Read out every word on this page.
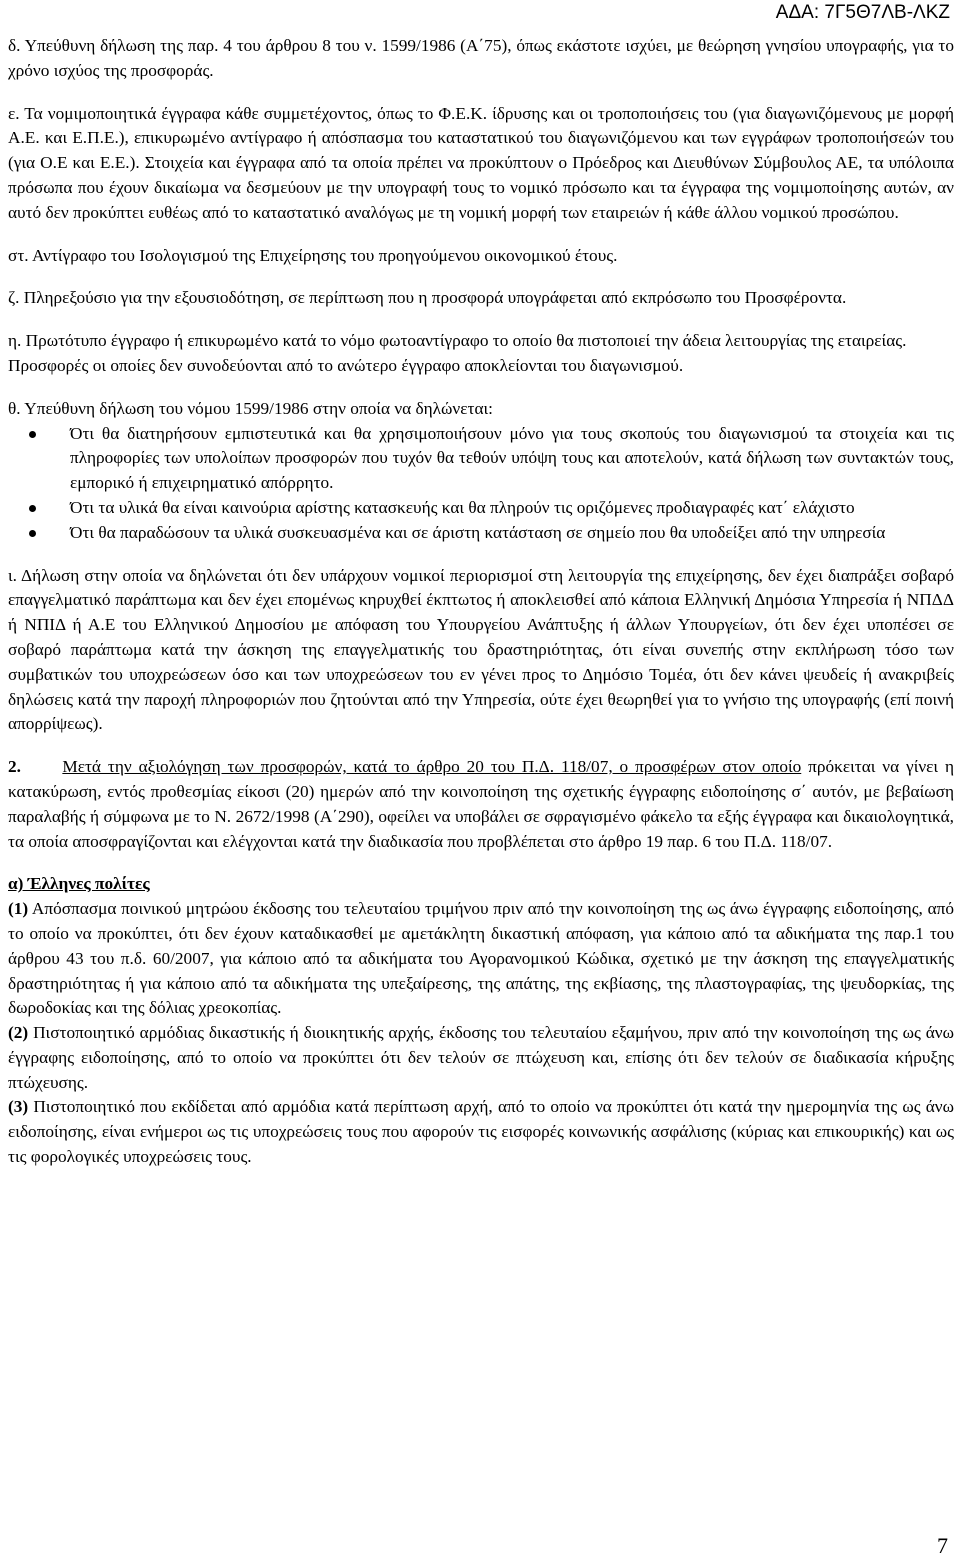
ΑΔΑ: 7Γ5Θ7ΛΒ-ΛΚΖ

δ. Υπεύθυνη δήλωση της παρ. 4 του άρθρου 8 του ν. 1599/1986 (Α΄75), όπως εκάστοτε ισχύει, με θεώρηση γνησίου υπογραφής, για το χρόνο ισχύος της προσφοράς.

ε. Τα νομιμοποιητικά έγγραφα κάθε συμμετέχοντος, όπως το Φ.Ε.Κ. ίδρυσης και οι τροποποιήσεις του (για διαγωνιζόμενους με μορφή Α.Ε. και Ε.Π.Ε.), επικυρωμένο αντίγραφο ή απόσπασμα του καταστατικού του διαγωνιζόμενου και των εγγράφων τροποποιήσεών του (για Ο.Ε και Ε.Ε.). Στοιχεία και έγγραφα από τα οποία πρέπει να προκύπτουν ο Πρόεδρος και Διευθύνων Σύμβουλος ΑΕ, τα υπόλοιπα πρόσωπα που έχουν δικαίωμα να δεσμεύουν με την υπογραφή τους το νομικό πρόσωπο και τα έγγραφα της νομιμοποίησης αυτών, αν αυτό δεν προκύπτει ευθέως από το καταστατικό αναλόγως με τη νομική μορφή των εταιρειών ή κάθε άλλου νομικού προσώπου.

στ. Αντίγραφο του Ισολογισμού της Επιχείρησης του προηγούμενου οικονομικού έτους.

ζ. Πληρεξούσιο για την εξουσιοδότηση, σε περίπτωση που η προσφορά υπογράφεται από εκπρόσωπο του Προσφέροντα.

η. Πρωτότυπο έγγραφο ή επικυρωμένο κατά το νόμο φωτοαντίγραφο το οποίο θα πιστοποιεί την άδεια λειτουργίας της εταιρείας.

Προσφορές οι οποίες δεν συνοδεύονται από το ανώτερο έγγραφο αποκλείονται του διαγωνισμού.

θ. Υπεύθυνη δήλωση του νόμου 1599/1986 στην οποία να δηλώνεται:

Ότι θα διατηρήσουν εμπιστευτικά και θα χρησιμοποιήσουν μόνο για τους σκοπούς του διαγωνισμού τα στοιχεία και τις πληροφορίες των υπολοίπων προσφορών που τυχόν θα τεθούν υπόψη τους και αποτελούν, κατά δήλωση των συντακτών τους, εμπορικό ή επιχειρηματικό απόρρητο.
Ότι τα υλικά θα είναι καινούρια αρίστης κατασκευής και θα πληρούν τις οριζόμενες προδιαγραφές κατ΄ ελάχιστο
Ότι θα παραδώσουν τα υλικά συσκευασμένα και σε άριστη κατάσταση σε σημείο που θα υποδείξει από την υπηρεσία

ι. Δήλωση στην οποία να δηλώνεται ότι δεν υπάρχουν νομικοί περιορισμοί στη λειτουργία της επιχείρησης, δεν έχει διαπράξει σοβαρό επαγγελματικό παράπτωμα και δεν έχει επομένως κηρυχθεί έκπτωτος ή αποκλεισθεί από κάποια Ελληνική Δημόσια Υπηρεσία ή ΝΠΔΔ ή ΝΠΙΔ ή Α.Ε του Ελληνικού Δημοσίου με απόφαση του Υπουργείου Ανάπτυξης ή άλλων Υπουργείων, ότι δεν έχει υποπέσει σε σοβαρό παράπτωμα κατά την άσκηση της επαγγελματικής του δραστηριότητας, ότι είναι συνεπής στην εκπλήρωση τόσο των συμβατικών του υποχρεώσεων όσο και των υποχρεώσεων του εν γένει προς το Δημόσιο Τομέα, ότι δεν κάνει ψευδείς ή ανακριβείς δηλώσεις κατά την παροχή πληροφοριών που ζητούνται από την Υπηρεσία, ούτε έχει θεωρηθεί για το γνήσιο της υπογραφής (επί ποινή απορρίψεως).

2. Μετά την αξιολόγηση των προσφορών, κατά το άρθρο 20 του Π.Δ. 118/07, ο προσφέρων στον οποίο πρόκειται να γίνει η κατακύρωση, εντός προθεσμίας είκοσι (20) ημερών από την κοινοποίηση της σχετικής έγγραφης ειδοποίησης σ΄ αυτόν, με βεβαίωση παραλαβής ή σύμφωνα με το Ν. 2672/1998 (Α΄290), οφείλει να υποβάλει σε σφραγισμένο φάκελο τα εξής έγγραφα και δικαιολογητικά, τα οποία αποσφραγίζονται και ελέγχονται κατά την διαδικασία που προβλέπεται στο άρθρο 19 παρ. 6 του Π.Δ. 118/07.

α) Έλληνες πολίτες

(1) Απόσπασμα ποινικού μητρώου έκδοσης του τελευταίου τριμήνου πριν από την κοινοποίηση της ως άνω έγγραφης ειδοποίησης, από το οποίο να προκύπτει, ότι δεν έχουν καταδικασθεί με αμετάκλητη δικαστική απόφαση, για κάποιο από τα αδικήματα της παρ.1 του άρθρου 43 του π.δ. 60/2007, για κάποιο από τα αδικήματα του Αγορανομικού Κώδικα, σχετικό με την άσκηση της επαγγελματικής δραστηριότητας ή για κάποιο από τα αδικήματα της υπεξαίρεσης, της απάτης, της εκβίασης, της πλαστογραφίας, της ψευδορκίας, της δωροδοκίας και της δόλιας χρεοκοπίας.

(2) Πιστοποιητικό αρμόδιας δικαστικής ή διοικητικής αρχής, έκδοσης του τελευταίου εξαμήνου, πριν από την κοινοποίηση της ως άνω έγγραφης ειδοποίησης, από το οποίο να προκύπτει ότι δεν τελούν σε πτώχευση και, επίσης ότι δεν τελούν σε διαδικασία κήρυξης πτώχευσης.

(3) Πιστοποιητικό που εκδίδεται από αρμόδια κατά περίπτωση αρχή, από το οποίο να προκύπτει ότι κατά την ημερομηνία της ως άνω ειδοποίησης, είναι ενήμεροι ως τις υποχρεώσεις τους που αφορούν τις εισφορές κοινωνικής ασφάλισης (κύριας και επικουρικής) και ως τις φορολογικές υποχρεώσεις τους.

7
